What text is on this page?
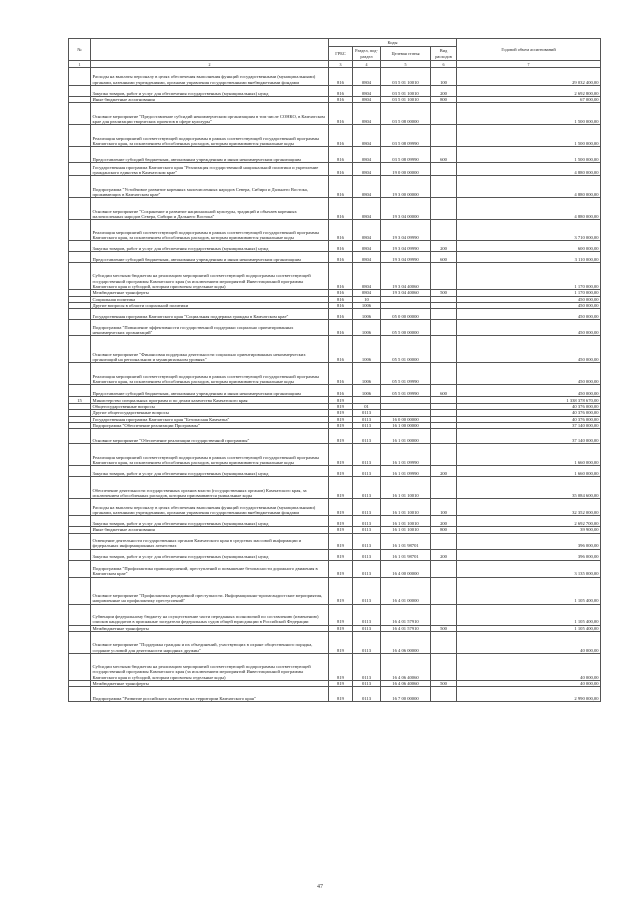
№		Коды				Годовой объем ассигнований
		ГРБС	Раздел, под-раздел	Целевая статья	Вид расходов	
1	2	3	4	5	6	7
	Расходы на выплаты персоналу в целях обеспечения выполнения функций государственными (муниципальными) органами, казенными учреждениями, органами управления государственными внебюджетными фондами	816	0804	03 5 01 10010	100	29 032 400,00
	Закупка товаров, работ и услуг для обеспечения государственных (муниципальных) нужд	816	0804	03 5 01 10010	200	2 692 800,00
	Иные бюджетные ассигнования	816	0804	03 5 01 10010	800	67 000,00
	Основное мероприятие "Предоставление субсидий некоммерческим организациям в том числе СОНКО, в Камчатском крае для реализации творческих проектов в сфере культуры"	816	0804	03 5 08 00000		1 500 000,00
	Реализация мероприятий соответствующей подпрограммы в рамках соответствующей государственной программы Камчатского края, за исключением обособленных расходов, которым присваиваются уникальные коды	816	0804	03 5 08 09990		1 500 000,00
	Предоставление субсидий бюджетным, автономным учреждениям и иным некоммерческим организациям	816	0804	03 5 08 09990	600	1 500 000,00
	Государственная программа Камчатского края "Реализация государственной национальной политики и укрепление гражданского единства в Камчатском крае"	816	0804	19 0 00 00000		4 880 000,00
	Подпрограмма "Устойчивое развитие коренных малочисленных народов Севера, Сибири и Дальнего Востока, проживающих в Камчатском крае"	816	0804	19 3 00 00000		4 880 000,00
	Основное мероприятие "Сохранение и развитие национальной культуры, традиций и обычаев коренных малочисленных народов Севера, Сибири и Дальнего Востока"	816	0804	19 3 04 00000		4 880 000,00
	Реализация мероприятий соответствующей подпрограммы в рамках соответствующей государственной программы Камчатского края, за исключением обособленных расходов, которым присваиваются уникальные коды	816	0804	19 3 04 09990		3 710 000,00
	Закупка товаров, работ и услуг для обеспечения государственных (муниципальных) нужд	816	0804	19 3 04 09990	200	600 000,00
	Предоставление субсидий бюджетным, автономным учреждениям и иным некоммерческим организациям	816	0804	19 3 04 09990	600	3 110 000,00
	Субсидии местным бюджетам на реализацию мероприятий соответствующей подпрограммы соответствующей государственной программы Камчатского края (за исключением мероприятий Инвестиционной программы Камчатского края и субсидий, которым присвоены отдельные коды)	816	0804	19 3 04 40060		1 170 000,00
	Межбюджетные трансферты	816	0804	19 3 04 40060	500	1 170 000,00
	Социальная политика	816	10			450 000,00
	Другие вопросы в области социальной политики	816	1006			450 000,00
	Государственная программа Камчатского края "Социальная поддержка граждан в Камчатском крае"	816	1006	05 0 00 00000		450 000,00
	Подпрограмма "Повышение эффективности государственной поддержки социально ориентированных некоммерческих организаций"	816	1006	05 5 00 00000		450 000,00
	Основное мероприятие "Финансовая поддержка деятельности социально ориентированных некоммерческих организаций на региональном и муниципальном уровнях"	816	1006	05 5 01 00000		450 000,00
	Реализация мероприятий соответствующей подпрограммы в рамках соответствующей государственной программы Камчатского края, за исключением обособленных расходов, которым присваиваются уникальные коды	816	1006	05 5 01 09990		450 000,00
	Предоставление субсидий бюджетным, автономным учреждениям и иным некоммерческим организациям	816	1006	05 5 01 09990	600	450 000,00
15	Министерство специальных программ и по делам казачества Камчатского края	819				1 338 378 670,00
	Общегосударственные вопросы	819	01			40 376 000,00
	Другие общегосударственные вопросы	819	0113			40 376 000,00
	Государственная программа Камчатского края "Безопасная Камчатка"	819	0113	16 0 00 00000		40 376 000,00
	Подпрограмма "Обеспечение реализации Программы"	819	0113	16 1 00 00000		37 140 000,00
	Основное мероприятие "Обеспечение реализации государственной программы"	819	0113	16 1 01 00000		37 140 000,00
	Реализация мероприятий соответствующей подпрограммы в рамках соответствующей государственной программы Камчатского края, за исключением обособленных расходов, которым присваиваются уникальные коды	819	0113	16 1 01 09990		1 660 000,00
	Закупка товаров, работ и услуг для обеспечения государственных (муниципальных) нужд	819	0113	16 1 01 09990	200	1 660 000,00
	Обеспечение деятельности государственных органов власти (государственных органов) Камчатского края, за исключением обособленных расходов, которым присваиваются уникальные коды	819	0113	16 1 01 10010		35 084 600,00
	Расходы на выплаты персоналу в целях обеспечения выполнения функций государственными (муниципальными) органами, казенными учреждениями, органами управления государственными внебюджетными фондами	819	0113	16 1 01 10010	100	32 352 000,00
	Закупка товаров, работ и услуг для обеспечения государственных (муниципальных) нужд	819	0113	16 1 01 10010	200	2 692 700,00
	Иные бюджетные ассигнования	819	0113	16 1 01 10010	800	39 900,00
	Освещение деятельности государственных органов Камчатского края в средствах массовой информации и федеральных информационных агентствах	819	0113	16 1 01 98701		396 000,00
	Закупка товаров, работ и услуг для обеспечения государственных (муниципальных) нужд	819	0113	16 1 01 98701	200	396 000,00
	Подпрограмма "Профилактика правонарушений, преступлений и повышение безопасности дорожного движения в Камчатском крае"	819	0113	16 4 00 00000		3 135 000,00
	Основное мероприятие "Профилактика рецидивной преступности. Информационно-пропагандистские мероприятия, направленные на профилактику преступлений"	819	0113	16 4 01 00000		1 105 400,00
	Субвенции федеральному бюджету на осуществление части переданных полномочий по составлению (изменению) списков кандидатов в присяжные заседатели федеральных судов общей юрисдикции в Российской Федерации	819	0113	16 4 01 57910		1 105 400,00
	Межбюджетные трансферты	819	0113	16 4 01 57910	500	1 105 400,00
	Основное мероприятие "Поддержка граждан и их объединений, участвующих в охране общественного порядка, создание условий для деятельности народных дружин"	819	0113	16 4 06 00000		40 000,00
	Субсидии местным бюджетам на реализацию мероприятий соответствующей подпрограммы соответствующей государственной программы Камчатского края (за исключением мероприятий Инвестиционной программы Камчатского края и субсидий, которым присвоены отдельные коды)	819	0113	16 4 06 40060		40 000,00
	Межбюджетные трансферты	819	0113	16 4 06 40060	500	40 000,00
	Подпрограмма "Развитие российского казачества на территории Камчатского края"	819	0113	16 7 00 00000		2 990 000,00
47
